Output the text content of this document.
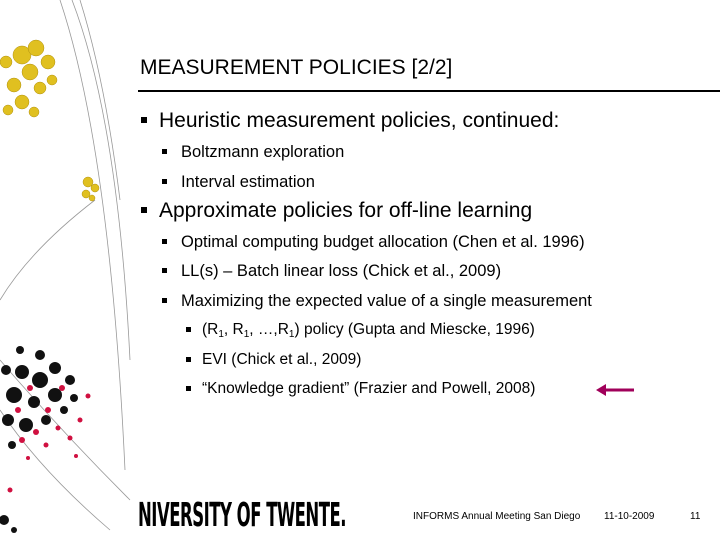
MEASUREMENT POLICIES [2/2]
Heuristic measurement policies, continued:
Boltzmann exploration
Interval estimation
Approximate policies for off-line learning
Optimal computing budget allocation (Chen et al. 1996)
LL(s) – Batch linear loss (Chick et al., 2009)
Maximizing the expected value of a single measurement
($R_1$, $R_1$, $\dots,R_1$) policy (Gupta and Miescke, 1996)
EVI (Chick et al., 2009)
“Knowledge gradient” (Frazier and Powell, 2008)
NIVERSITY OF TWENTE.	INFORMS Annual Meeting San Diego 11-10-2009	11
